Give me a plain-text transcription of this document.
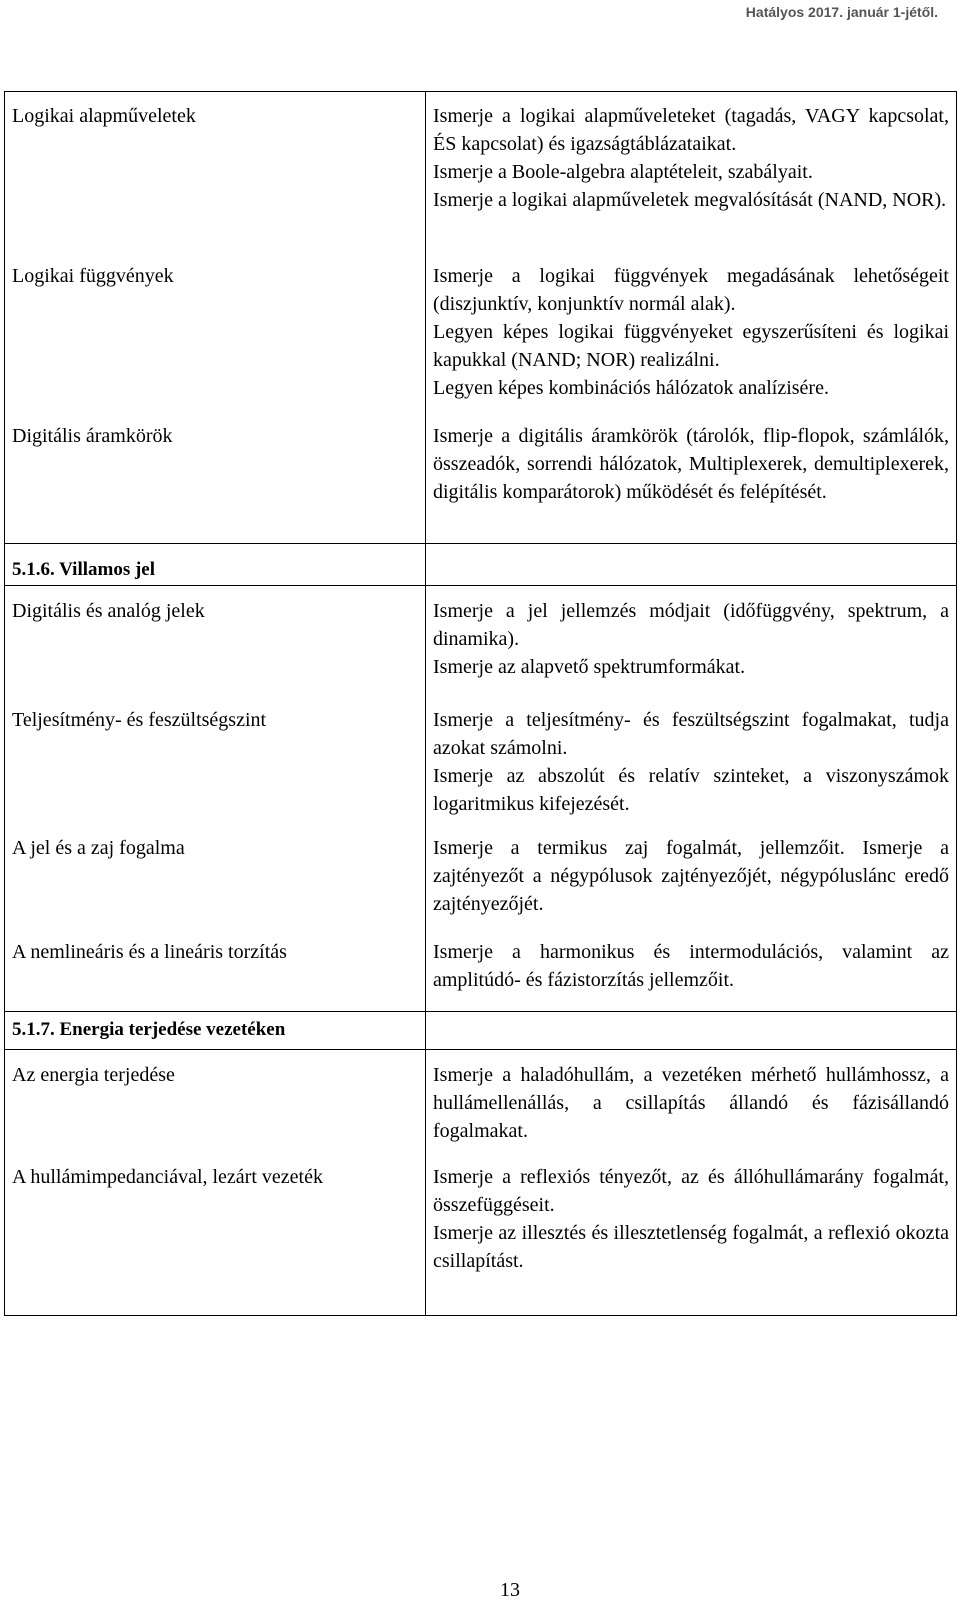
Hatályos 2017. január 1-jétől.
Logikai alapműveletek	Ismerje a logikai alapműveleteket (tagadás, VAGY kapcsolat, ÉS kapcsolat) és igazságtáblázataikat.
Ismerje a Boole-algebra alaptételeit, szabályait.
Ismerje a logikai alapműveletek megvalósítását (NAND, NOR).
Logikai függvények	Ismerje a logikai függvények megadásának lehetőségeit (diszjunktív, konjunktív normál alak).
Legyen képes logikai függvényeket egyszerűsíteni és logikai kapukkal (NAND; NOR) realizálni.
Legyen képes kombinációs hálózatok analízisére.
Digitális áramkörök	Ismerje a digitális áramkörök (tárolók, flip-flopok, számlálók, összeadók, sorrendi hálózatok, Multiplexerek, demultiplexerek, digitális komparátorok) működését és felépítését.
5.1.6. Villamos jel
Digitális és analóg jelek	Ismerje a jel jellemzés módjait (időfüggvény, spektrum, a dinamika).
Ismerje az alapvető spektrumformákat.
Teljesítmény- és feszültségszint	Ismerje a teljesítmény- és feszültségszint fogalmakat, tudja azokat számolni.
Ismerje az abszolút és relatív szinteket, a viszonyszámok logaritmikus kifejezését.
A jel és a zaj fogalma	Ismerje a termikus zaj fogalmát, jellemzőit. Ismerje a zajtényezőt a négypólusok zajtényezőjét, négypóluslánc eredő zajtényezőjét.
A nemlineáris és a lineáris torzítás	Ismerje a harmonikus és intermodulációs, valamint az amplitúdó- és fázistorzítás jellemzőit.
5.1.7. Energia terjedése vezetéken
Az energia terjedése	Ismerje a haladóhullám, a vezetéken mérhető hullámhossz, a hullámellenállás, a csillapítás állandó és fázisállandó fogalmakat.
A hullámimpedanciával, lezárt vezeték	Ismerje a reflexiós tényezőt, az és állóhullámarány fogalmát, összefüggéseit.
Ismerje az illesztés és illesztetlenség fogalmát, a reflexió okozta csillapítást.
13
